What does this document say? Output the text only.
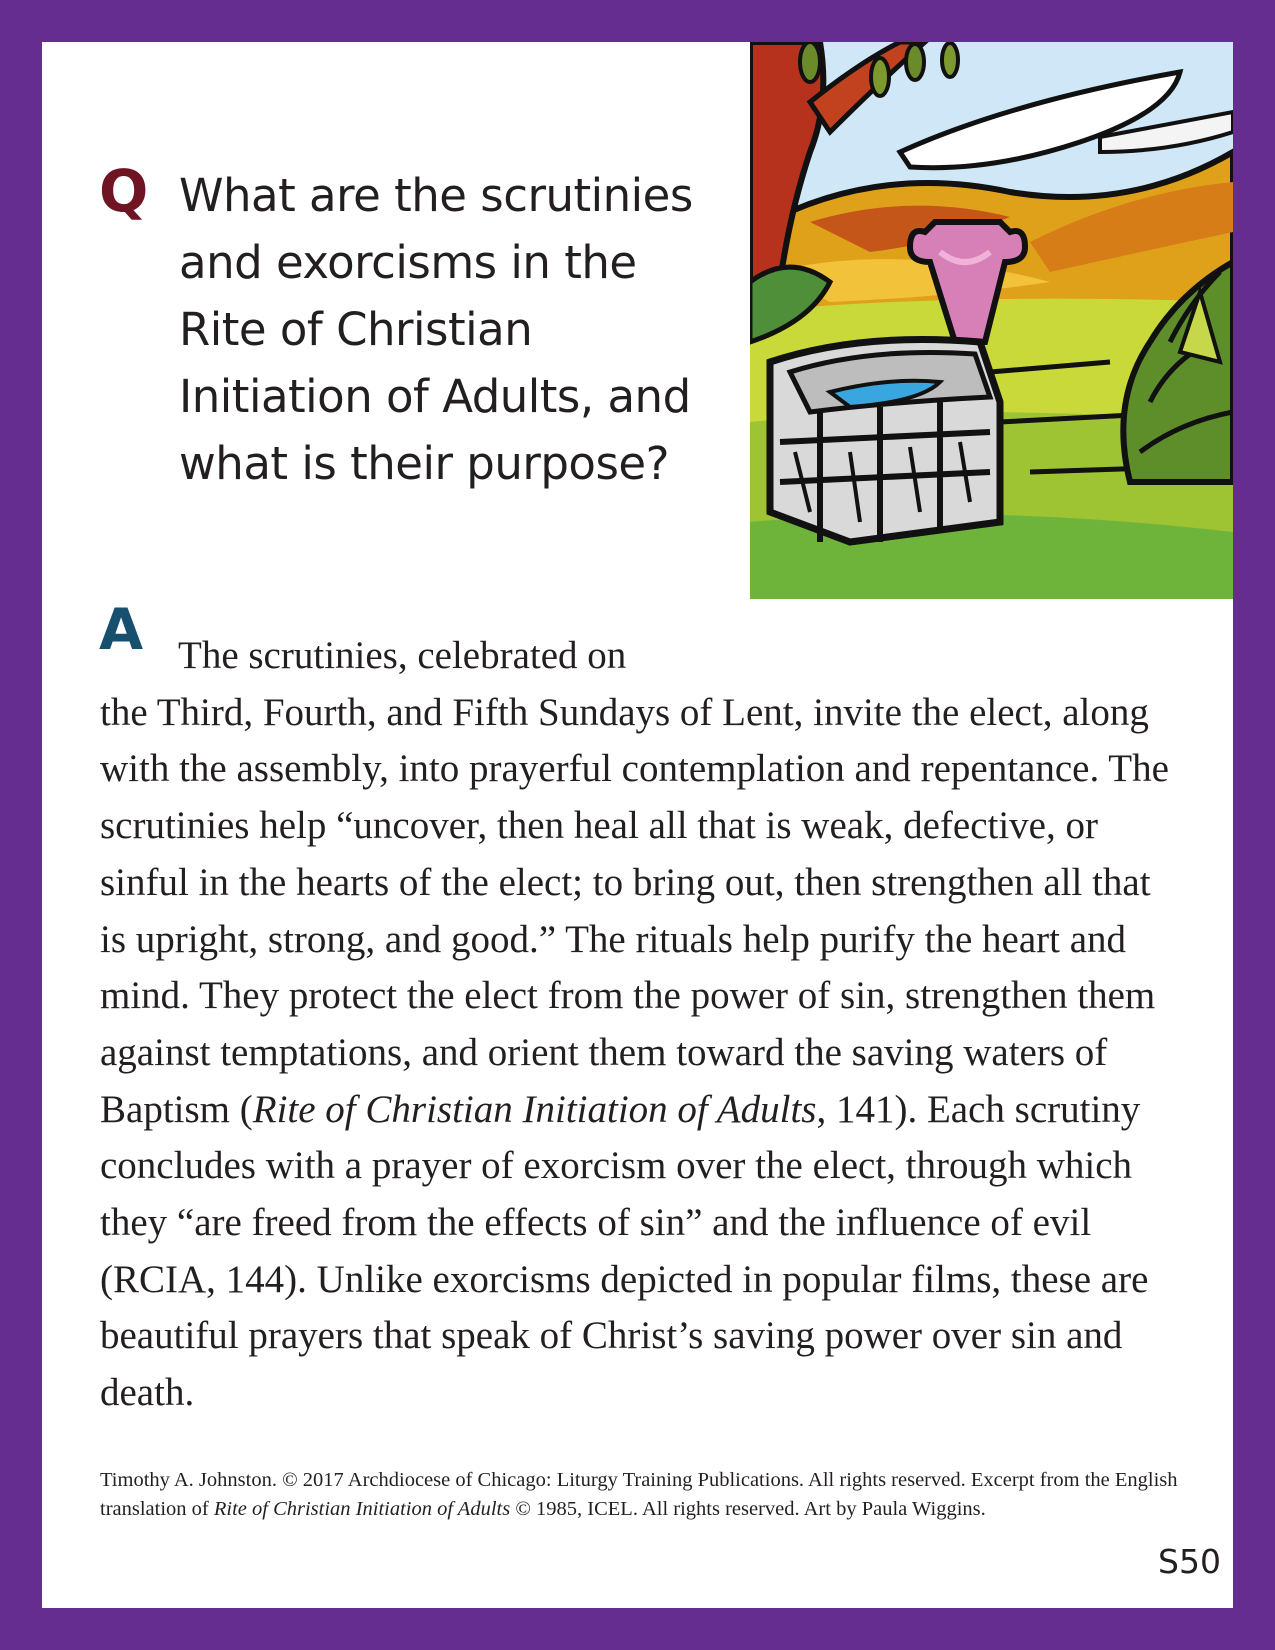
Q What are the scrutinies and exorcisms in the Rite of Christian Initiation of Adults, and what is their purpose?
A The scrutinies, celebrated on
the Third, Fourth, and Fifth Sundays of Lent, invite the elect, along with the assembly, into prayerful contemplation and repentance. The scrutinies help “uncover, then heal all that is weak, defective, or sinful in the hearts of the elect; to bring out, then strengthen all that is upright, strong, and good.” The rituals help purify the heart and mind. They protect the elect from the power of sin, strengthen them against temptations, and orient them toward the saving waters of Baptism (Rite of Christian Initiation of Adults, 141). Each scrutiny concludes with a prayer of exorcism over the elect, through which they “are freed from the effects of sin” and the influence of evil (RCIA, 144). Unlike exorcisms depicted in popular films, these are beautiful prayers that speak of Christ’s saving power over sin and death.

Timothy A. Johnston. © 2017 Archdiocese of Chicago: Liturgy Training Publications. All rights reserved. Excerpt from the English translation of Rite of Christian Initiation of Adults © 1985, ICEL. All rights reserved. Art by Paula Wiggins.

S50
